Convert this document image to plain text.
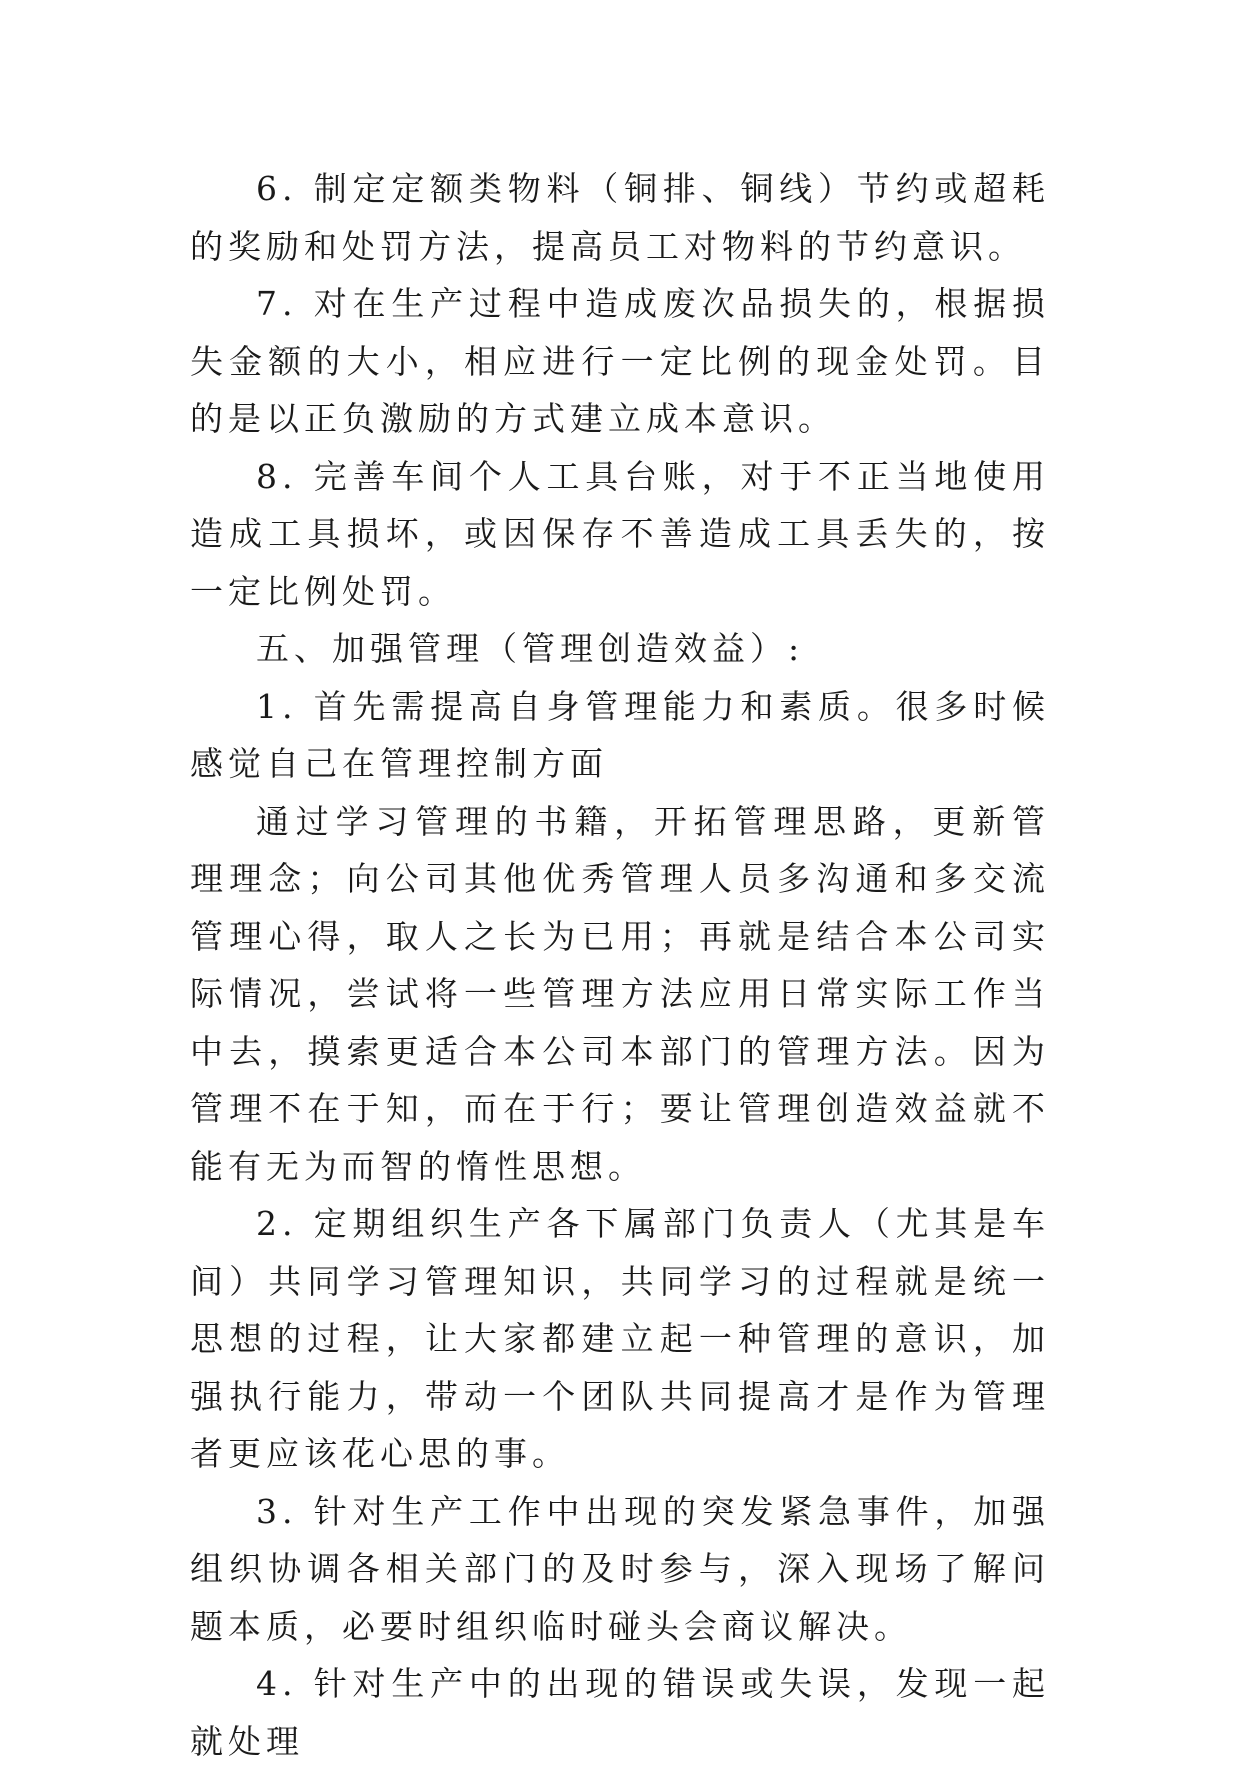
6. 制定定额类物料（铜排、铜线）节约或超耗的奖励和处罚方法，提高员工对物料的节约意识。

7. 对在生产过程中造成废次品损失的，根据损失金额的大小，相应进行一定比例的现金处罚。目的是以正负激励的方式建立成本意识。

8. 完善车间个人工具台账，对于不正当地使用造成工具损坏，或因保存不善造成工具丢失的，按一定比例处罚。

五、加强管理（管理创造效益）:

1. 首先需提高自身管理能力和素质。很多时候感觉自己在管理控制方面

通过学习管理的书籍，开拓管理思路，更新管理理念；向公司其他优秀管理人员多沟通和多交流管理心得，取人之长为已用；再就是结合本公司实际情况，尝试将一些管理方法应用日常实际工作当中去，摸索更适合本公司本部门的管理方法。因为管理不在于知，而在于行；要让管理创造效益就不能有无为而智的惰性思想。

2. 定期组织生产各下属部门负责人（尤其是车间）共同学习管理知识，共同学习的过程就是统一思想的过程，让大家都建立起一种管理的意识，加强执行能力，带动一个团队共同提高才是作为管理者更应该花心思的事。

3. 针对生产工作中出现的突发紧急事件，加强组织协调各相关部门的及时参与，深入现场了解问题本质，必要时组织临时碰头会商议解决。

4. 针对生产中的出现的错误或失误，发现一起就处理
